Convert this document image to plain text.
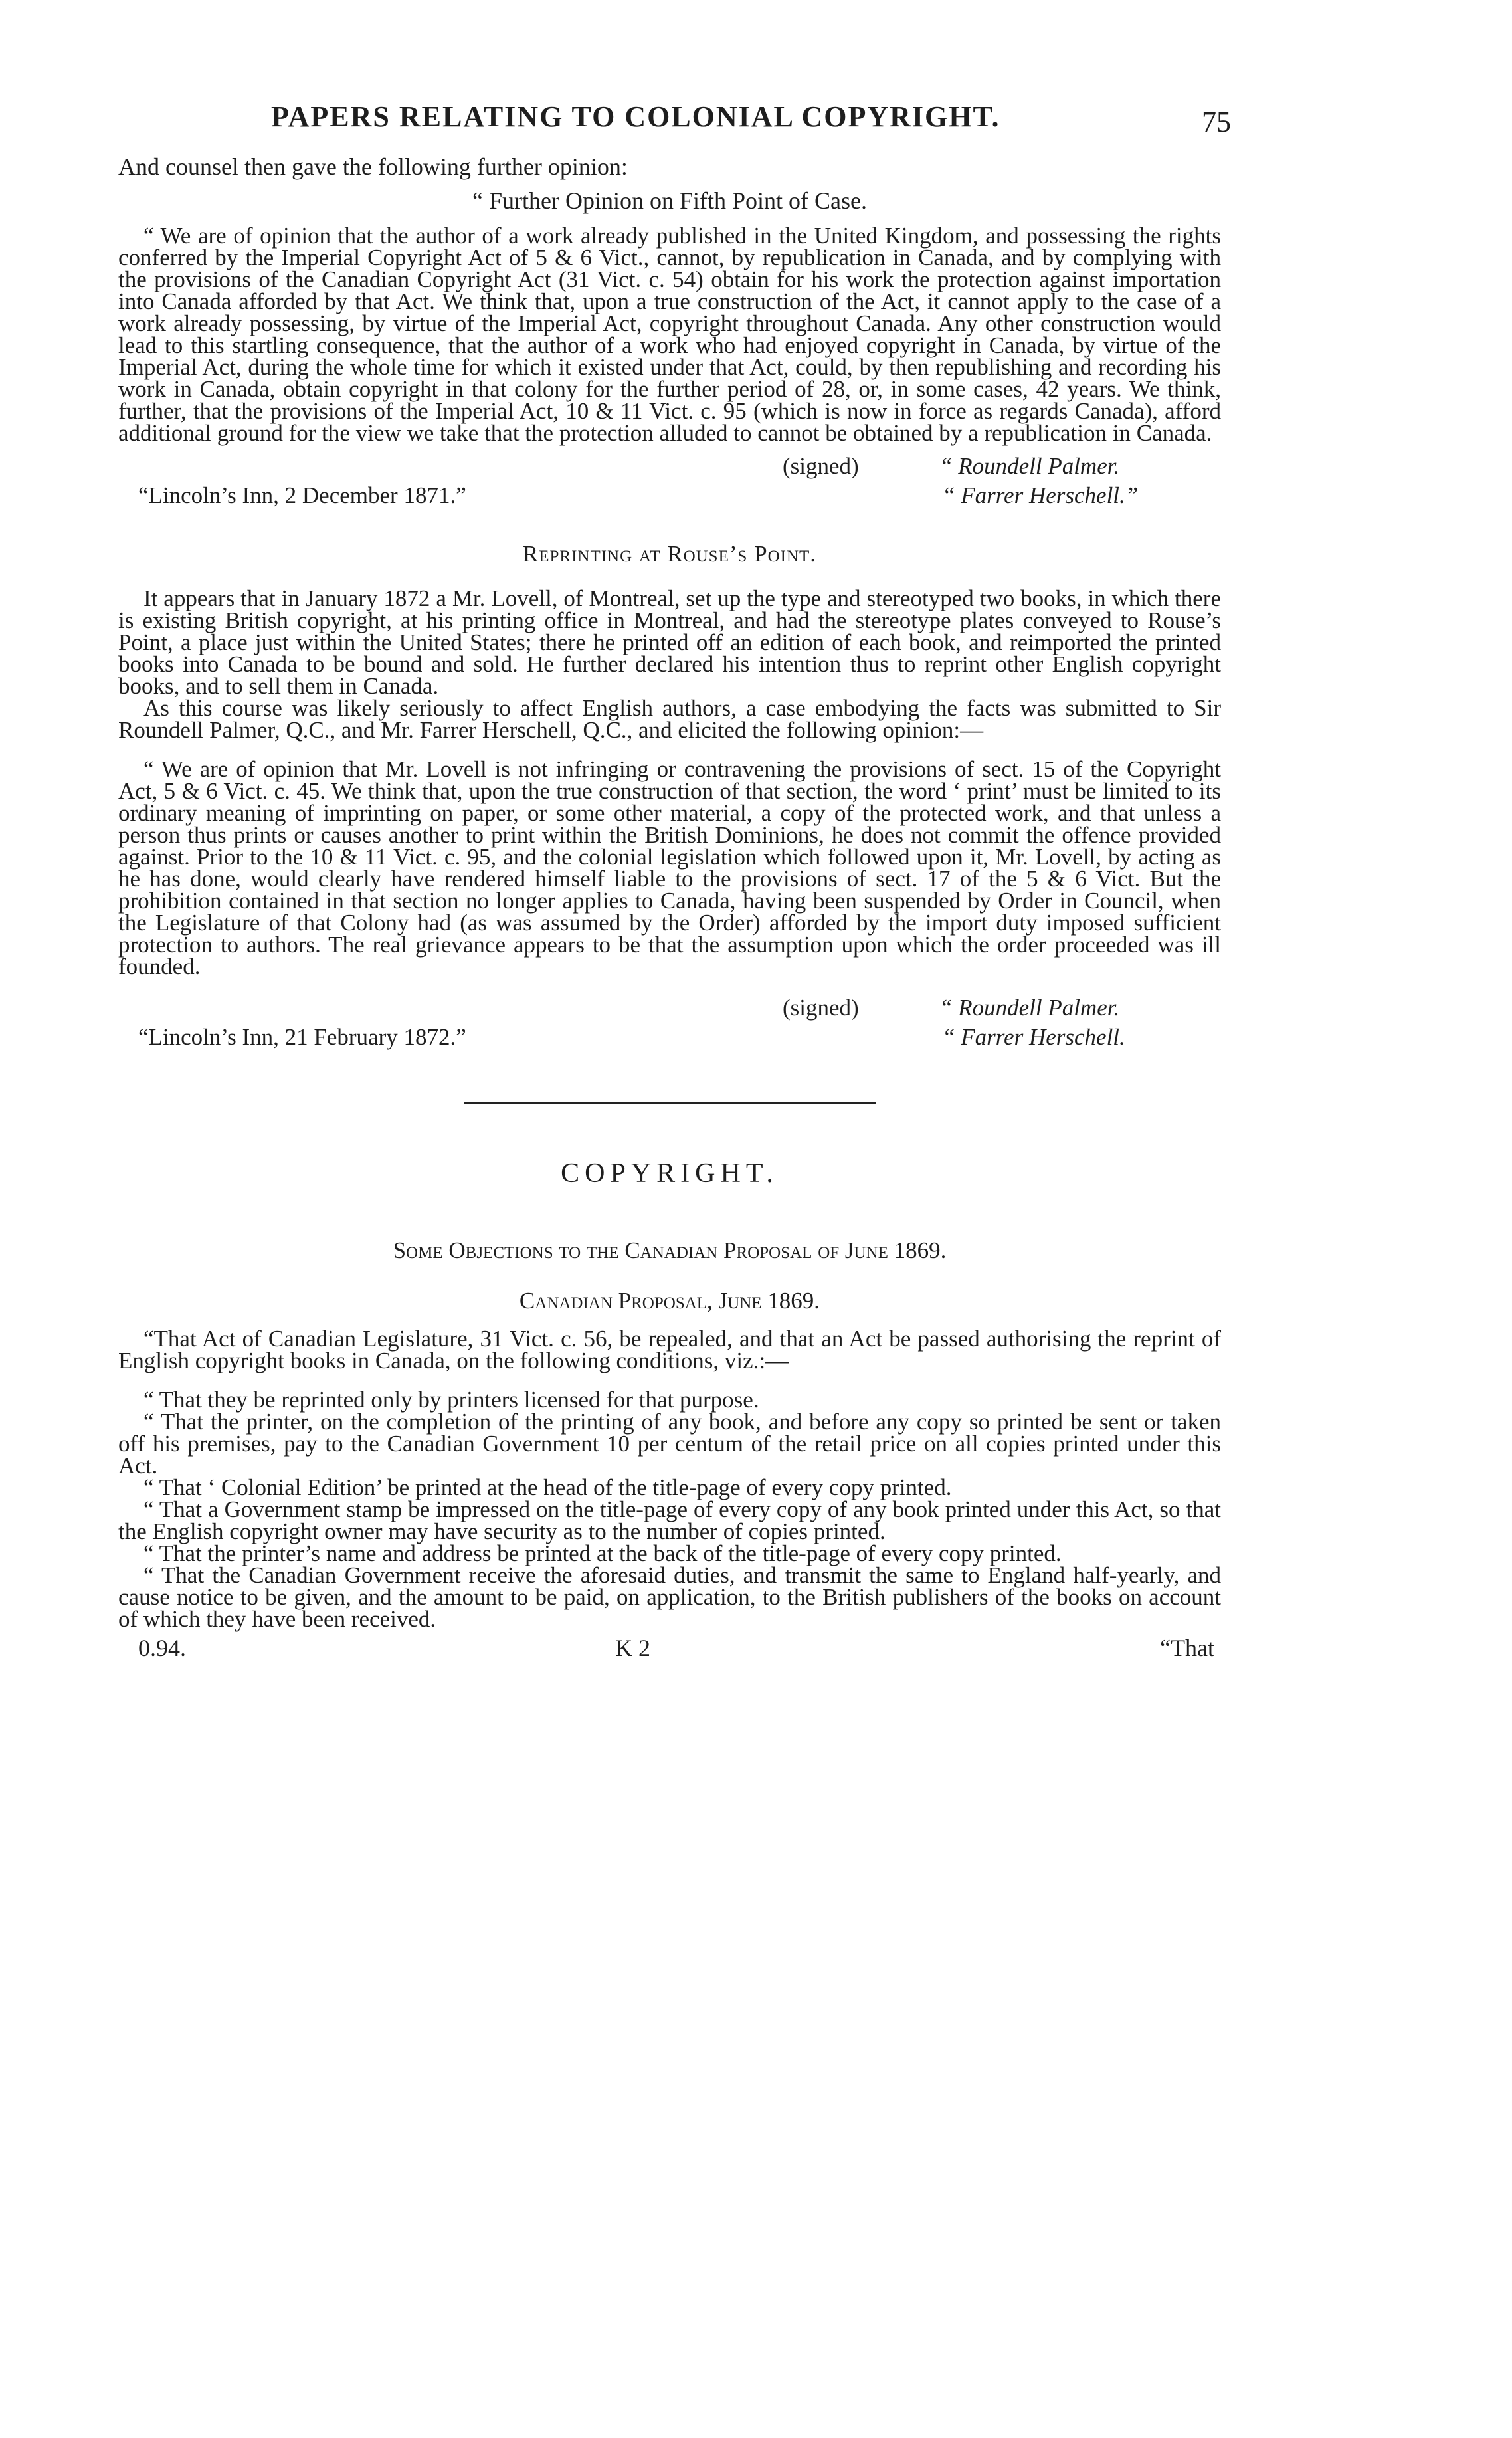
PAPERS RELATING TO COLONIAL COPYRIGHT.	75

And counsel then gave the following further opinion:

“ Further Opinion on Fifth Point of Case.

“ We are of opinion that the author of a work already published in the United Kingdom, and possessing the rights conferred by the Imperial Copyright Act of 5 & 6 Vict., cannot, by republication in Canada, and by complying with the provisions of the Canadian Copyright Act (31 Vict. c. 54) obtain for his work the protection against importation into Canada afforded by that Act. We think that, upon a true construction of the Act, it cannot apply to the case of a work already possessing, by virtue of the Imperial Act, copyright throughout Canada. Any other construction would lead to this startling consequence, that the author of a work who had enjoyed copyright in Canada, by virtue of the Imperial Act, during the whole time for which it existed under that Act, could, by then republishing and recording his work in Canada, obtain copyright in that colony for the further period of 28, or, in some cases, 42 years. We think, further, that the provisions of the Imperial Act, 10 & 11 Vict. c. 95 (which is now in force as regards Canada), afford additional ground for the view we take that the protection alluded to cannot be obtained by a republication in Canada.

(signed)	“ Roundell Palmer.
“Lincoln’s Inn, 2 December 1871.”	“ Farrer Herschell.”

Reprinting at Rouse’s Point.

It appears that in January 1872 a Mr. Lovell, of Montreal, set up the type and stereotyped two books, in which there is existing British copyright, at his printing office in Montreal, and had the stereotype plates conveyed to Rouse’s Point, a place just within the United States; there he printed off an edition of each book, and reimported the printed books into Canada to be bound and sold. He further declared his intention thus to reprint other English copyright books, and to sell them in Canada.

As this course was likely seriously to affect English authors, a case embodying the facts was submitted to Sir Roundell Palmer, Q.C., and Mr. Farrer Herschell, Q.C., and elicited the following opinion:—

“ We are of opinion that Mr. Lovell is not infringing or contravening the provisions of sect. 15 of the Copyright Act, 5 & 6 Vict. c. 45. We think that, upon the true construction of that section, the word ‘ print’ must be limited to its ordinary meaning of imprinting on paper, or some other material, a copy of the protected work, and that unless a person thus prints or causes another to print within the British Dominions, he does not commit the offence provided against. Prior to the 10 & 11 Vict. c. 95, and the colonial legislation which followed upon it, Mr. Lovell, by acting as he has done, would clearly have rendered himself liable to the provisions of sect. 17 of the 5 & 6 Vict. But the prohibition contained in that section no longer applies to Canada, having been suspended by Order in Council, when the Legislature of that Colony had (as was assumed by the Order) afforded by the import duty imposed sufficient protection to authors. The real grievance appears to be that the assumption upon which the order proceeded was ill founded.

(signed)	“ Roundell Palmer.
“Lincoln’s Inn, 21 February 1872.”	“ Farrer Herschell.

COPYRIGHT.

Some Objections to the Canadian Proposal of June 1869.

Canadian Proposal, June 1869.

“That Act of Canadian Legislature, 31 Vict. c. 56, be repealed, and that an Act be passed authorising the reprint of English copyright books in Canada, on the following conditions, viz.:—

“ That they be reprinted only by printers licensed for that purpose.

“ That the printer, on the completion of the printing of any book, and before any copy so printed be sent or taken off his premises, pay to the Canadian Government 10 per centum of the retail price on all copies printed under this Act.

“ That ‘ Colonial Edition’ be printed at the head of the title-page of every copy printed.

“ That a Government stamp be impressed on the title-page of every copy of any book printed under this Act, so that the English copyright owner may have security as to the number of copies printed.

“ That the printer’s name and address be printed at the back of the title-page of every copy printed.

“ That the Canadian Government receive the aforesaid duties, and transmit the same to England half-yearly, and cause notice to be given, and the amount to be paid, on application, to the British publishers of the books on account of which they have been received.

0.94.	K 2	“That
